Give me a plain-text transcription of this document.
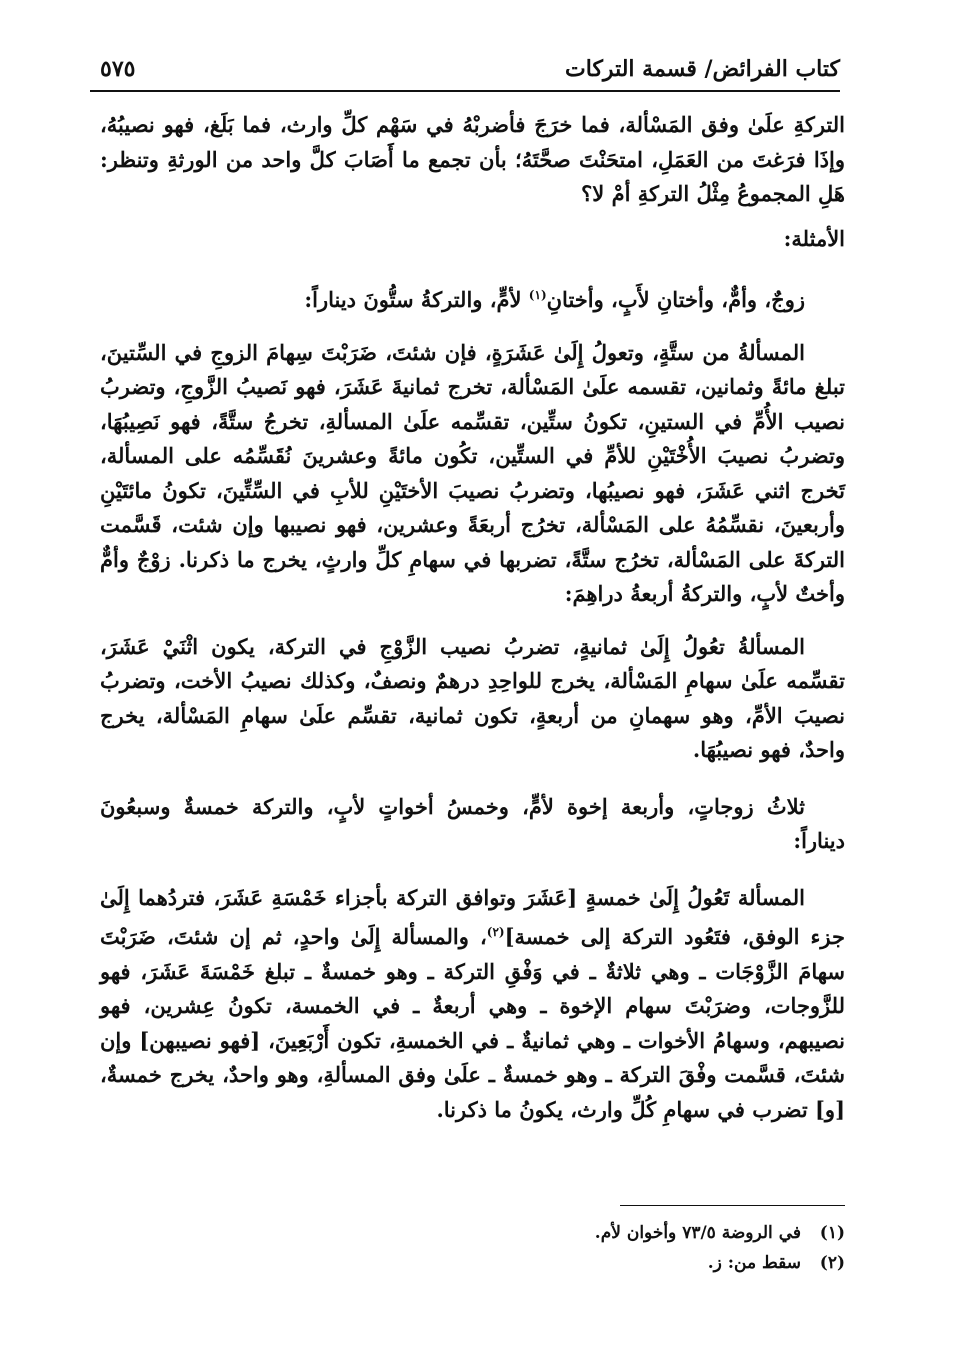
كتاب الفرائض/ قسمة التركات
٥٧٥

التركةِ علَىٰ وفق المَسْألة، فما خرَجَ فأضربْهُ في سَهْم كلِّ وارث، فما بَلَغ، فهو نصيبُهُ، وإذَا فرَغتَ من العَمَلِ، امتحَنْتَ صحَّتَهُ؛ بأن تجمع ما أَصَابَ كلَّ واحد من الورثةِ وتنظر: هَلِ المجموعُ مِثْلُ التركةِ أمْ لا؟

الأمثلة:

زوجٌ، وأمٌّ، وأختانِ لأَبٍ، وأختانِ$^{(١)}$ لأمٍّ، والتركةُ ستُّونَ ديناراً:

المسألةُ من ستَّةٍ، وتعولُ إِلَىٰ عَشَرَةٍ، فإن شئتَ، ضَرَبْتَ سِهامَ الزوجِ في السِّتينَ، تبلغ مائةً وثمانين، تقسمه علَىٰ المَسْألة، تخرج ثمانيةَ عَشَرَ، فهو نَصيبُ الزَّوجِ، وتضربُ نصيب الأُمِّ في الستينِ، تكونُ ستِّين، تقسِّمه علَىٰ المسألةِ، تخرجُ ستَّةً، فهو نَصِيبُهَا، وتضربُ نصيبَ الأُخْتَيْنِ للأمِّ في الستِّين، تكُون مائةً وعشرينَ نُقَسِّمُه على المسألة، تَخرج اثني عَشَرَ، فهو نصيبُها، وتضربُ نصيبَ الأختَيْنِ للأبِ في السِّتِّينَ، تكونُ مائتَيْنِ وأربعينَ، نقسِّمُهُ على المَسْألة، تخرُج أربعَةً وعشرين، فهو نصيبها وإن شئت، قَسَّمت التركةَ على المَسْألة، تخرُج ستَّةً، تضربها في سهامِ كلِّ وارثٍ، يخرج ما ذكرنا. زوْجٌ وأمٌّ وأختٌ لأبٍ، والتركةُ أربعةُ دراهِمَ:

المسألةُ تعُولُ إِلَىٰ ثمانيةٍ، تضربُ نصيب الزَّوْجِ في التركة، يكون اثْنَيْ عَشَرَ، تقسِّمه علَىٰ سهامِ المَسْألة، يخرج للواحِدِ درهمٌ ونصفٌ، وكذلك نصيبُ الأخت، وتضربُ نصيبَ الأمِّ، وهو سهمانِ من أربعةٍ، تكون ثمانية، تقسِّم علَىٰ سهامِ المَسْألة، يخرج واحدٌ، فهو نصيبُهَا.

ثلاثُ زوجاتٍ، وأربعة إخوة لأمٍّ، وخمسُ أخواتٍ لأبٍ، والتركة خمسةٌ وسبعُونَ ديناراً:

المسألة تَعُولُ إِلَىٰ خمسةٍ [عَشَرَ وتوافق التركة بأجزاء خَمْسَةِ عَشَرَ، فتردُهما إِلَىٰ جزء الوفق، فتَعُود التركة إلى خمسة]$^{(٢)}$، والمسألة إِلَىٰ واحدٍ، ثم إن شئتَ، ضَرَبْتَ سهامَ الزَّوْجَات ـ وهي ثلاثةٌ ـ في وَفْقِ التركة ـ وهو خمسةٌ ـ تبلغ خَمْسَةَ عَشَرَ، فهو للزَّوجات، وضرَبْتَ سهام الإخوة ـ وهي أربعةٌ ـ في الخمسة، تكونُ عِشرين، فهو نصيبهم، وسهامُ الأخوات ـ وهي ثمانيةٌ ـ في الخمسةِ، تكون أَرْبَعِينَ، [فهو نصيبهن] وإن شئتَ، قسَّمت وفْقَ التركة ـ وهو خمسةٌ ـ علَىٰ وفق المسألةِ، وهو واحدٌ، يخرج خمسةٌ، [و] تضرب في سهامِ كُلِّ وارث، يكونُ ما ذكرنا.

(١)
في الروضة ٧٣/٥ وأخوان لأم.
(٢)
سقط من: ز.
